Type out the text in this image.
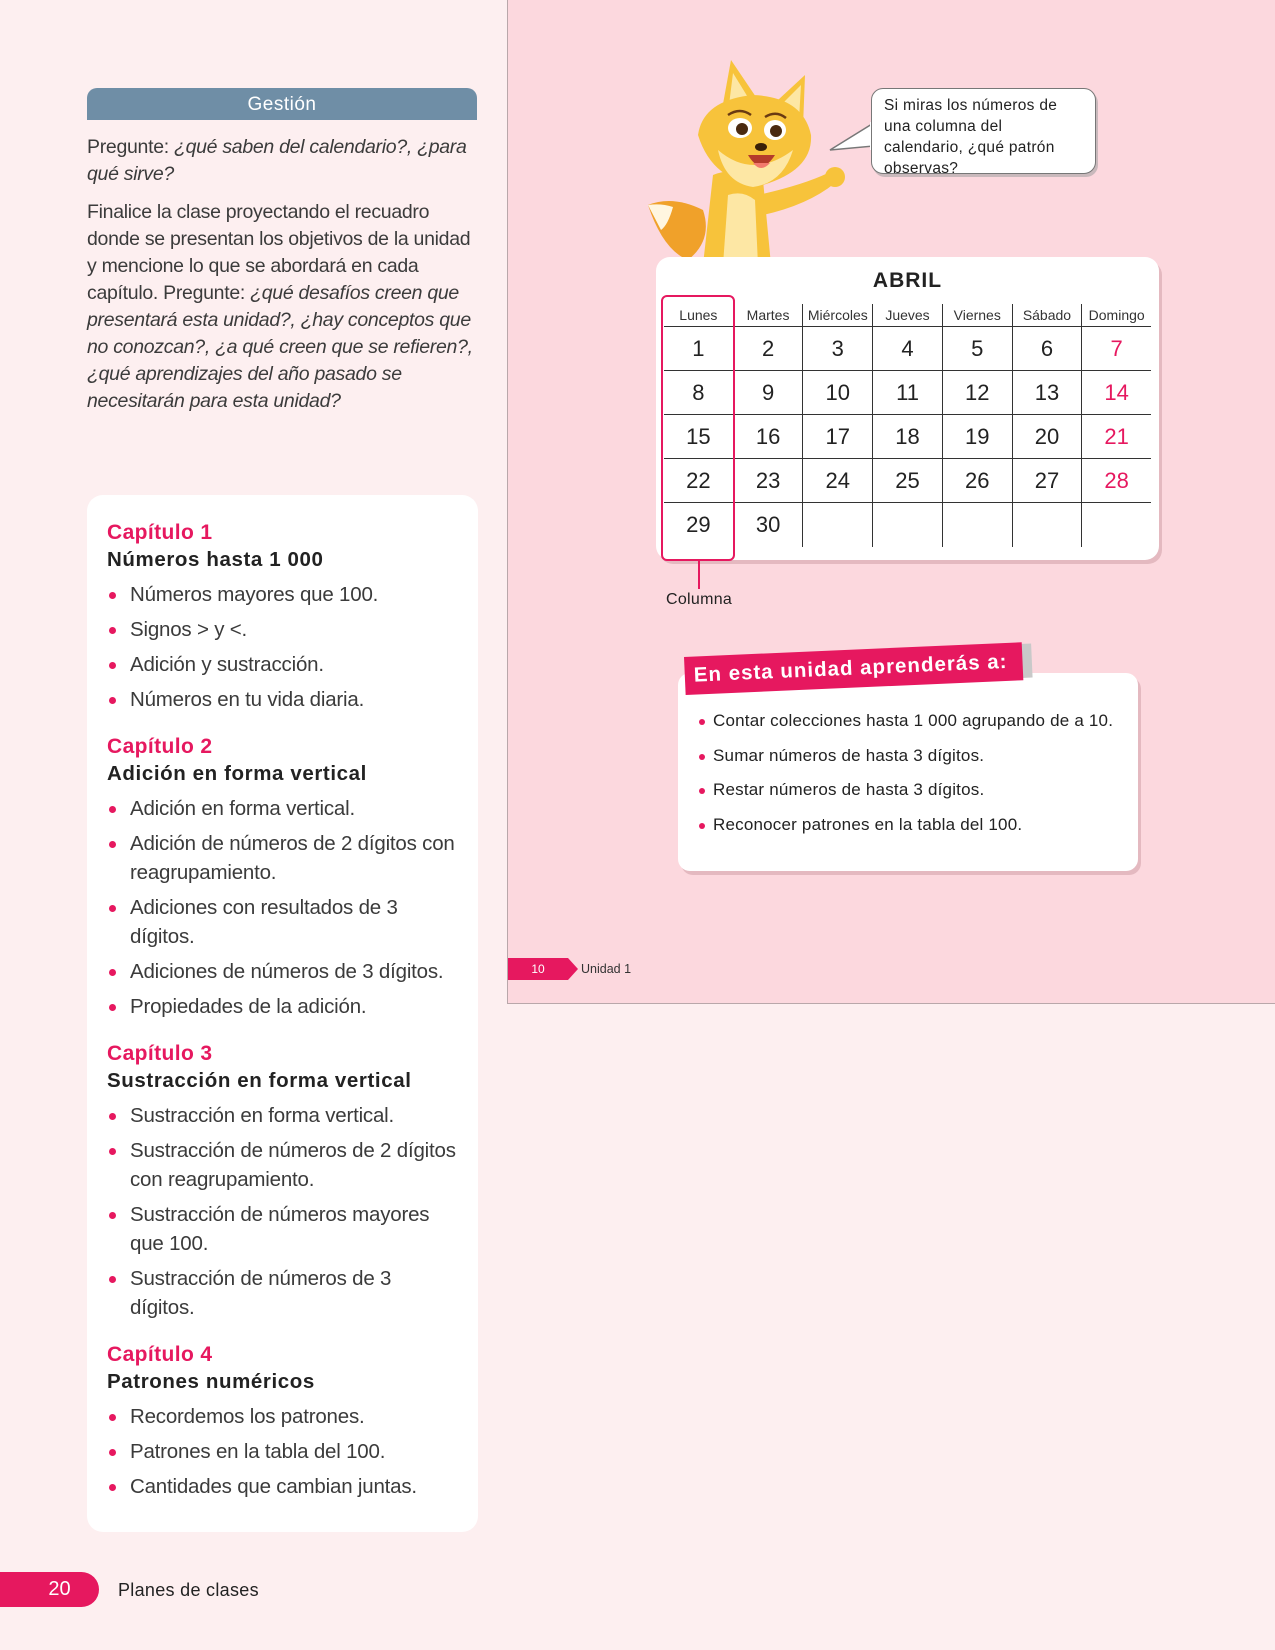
Gestión

Pregunte: ¿qué saben del calendario?, ¿para qué sirve?

Finalice la clase proyectando el recuadro donde se presentan los objetivos de la unidad y mencione lo que se abordará en cada capítulo. Pregunte: ¿qué desafíos creen que presentará esta unidad?, ¿hay conceptos que no conozcan?, ¿a qué creen que se refieren?, ¿qué aprendizajes del año pasado se necesitarán para esta unidad?

Capítulo 1
Números hasta 1 000
Números mayores que 100.
Signos > y <.
Adición y sustracción.
Números en tu vida diaria.
Capítulo 2
Adición en forma vertical
Adición en forma vertical.
Adición de números de 2 dígitos con reagrupamiento.
Adiciones con resultados de 3 dígitos.
Adiciones de números de 3 dígitos.
Propiedades de la adición.
Capítulo 3
Sustracción en forma vertical
Sustracción en forma vertical.
Sustracción de números de 2 dígitos con reagrupamiento.
Sustracción de números mayores que 100.
Sustracción de números de 3 dígitos.
Capítulo 4
Patrones numéricos
Recordemos los patrones.
Patrones en la tabla del 100.
Cantidades que cambian juntas.
20	Planes de clases
Si miras los números de una columna del calendario, ¿qué patrón observas?
ABRIL
Lunes	Martes	Miércoles	Jueves	Viernes	Sábado	Domingo
1	2	3	4	5	6	7
8	9	10	11	12	13	14
15	16	17	18	19	20	21
22	23	24	25	26	27	28
29	30
Columna
En esta unidad aprenderás a:
Contar colecciones hasta 1 000 agrupando de a 10.
Sumar números de hasta 3 dígitos.
Restar números de hasta 3 dígitos.
Reconocer patrones en la tabla del 100.
10	Unidad 1
